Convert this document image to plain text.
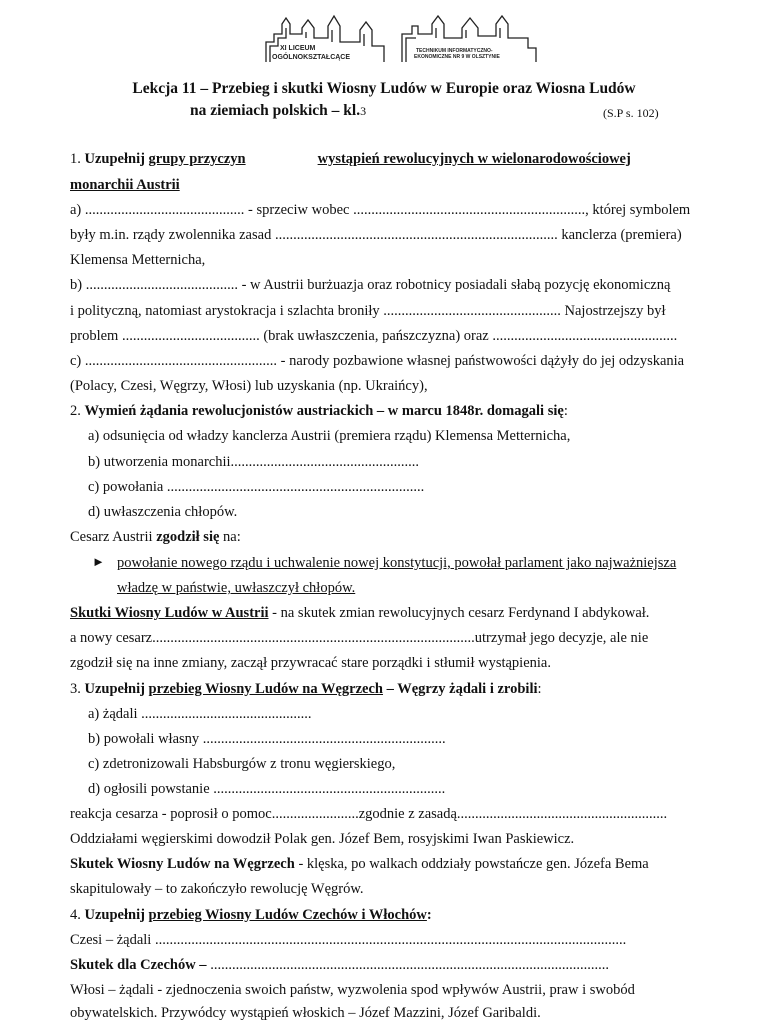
XI LICEUM
OGÓLNOKSZTAŁCĄCE
TECHNIKUM INFORMATYCZNO-
EKONOMICZNE NR 9 W OLSZTYNIE
Lekcja 11 – Przebieg i skutki Wiosny Ludów w Europie oraz Wiosna Ludów
na ziemiach polskich – kl.3	(S.P s. 102)
1. Uzupełnij grupy przyczyn	wystąpień rewolucyjnych w wielonarodowościowej
monarchii Austrii
a) ............................................ - sprzeciw wobec ................................................................, której symbolem
były m.in. rządy zwolennika zasad .............................................................................. kanclerza (premiera)
Klemensa Metternicha,
b) .......................................... - w Austrii burżuazja oraz robotnicy posiadali słabą pozycję ekonomiczną
i polityczną, natomiast arystokracja i szlachta broniły ................................................. Najostrzejszy był
problem ...................................... (brak uwłaszczenia, pańszczyzna) oraz ...................................................
c) ..................................................... - narody pozbawione własnej państwowości dążyły do jej odzyskania
(Polacy, Czesi, Węgrzy, Włosi) lub uzyskania (np. Ukraińcy),
2. Wymień żądania rewolucjonistów austriackich – w marcu 1848r. domagali się:
a) odsunięcia od władzy kanclerza Austrii (premiera rządu) Klemensa Metternicha,
b) utworzenia monarchii....................................................
c) powołania .......................................................................
d) uwłaszczenia chłopów.
Cesarz Austrii zgodził się na:
► powołanie nowego rządu i uchwalenie nowej konstytucji, powołał parlament jako najważniejsza
władzę w państwie, uwłaszczył chłopów.
Skutki Wiosny Ludów w Austrii - na skutek zmian rewolucyjnych cesarz Ferdynand I abdykował.
a nowy cesarz.........................................................................................utrzymał jego decyzje, ale nie
zgodził się na inne zmiany, zaczął przywracać stare porządki i stłumił wystąpienia.
3. Uzupełnij przebieg Wiosny Ludów na Węgrzech – Węgrzy żądali i zrobili:
a) żądali ...............................................
b) powołali własny ...................................................................
c) zdetronizowali Habsburgów z tronu węgierskiego,
d) ogłosili powstanie ................................................................
reakcja cesarza - poprosił o pomoc........................zgodnie z zasadą..........................................................
Oddziałami węgierskimi dowodził Polak gen. Józef Bem, rosyjskimi Iwan Paskiewicz.
Skutek Wiosny Ludów na Węgrzech - klęska, po walkach oddziały powstańcze gen. Józefa Bema
skapitulowały – to zakończyło rewolucję Węgrów.
4. Uzupełnij przebieg Wiosny Ludów Czechów i Włochów:
Czesi – żądali ..................................................................................................................................
Skutek dla Czechów – ..............................................................................................................
Włosi – żądali - zjednoczenia swoich państw, wyzwolenia spod wpływów Austrii, praw i swobód
obywatelskich. Przywódcy wystąpień włoskich – Józef Mazzini, Józef Garibaldi.
